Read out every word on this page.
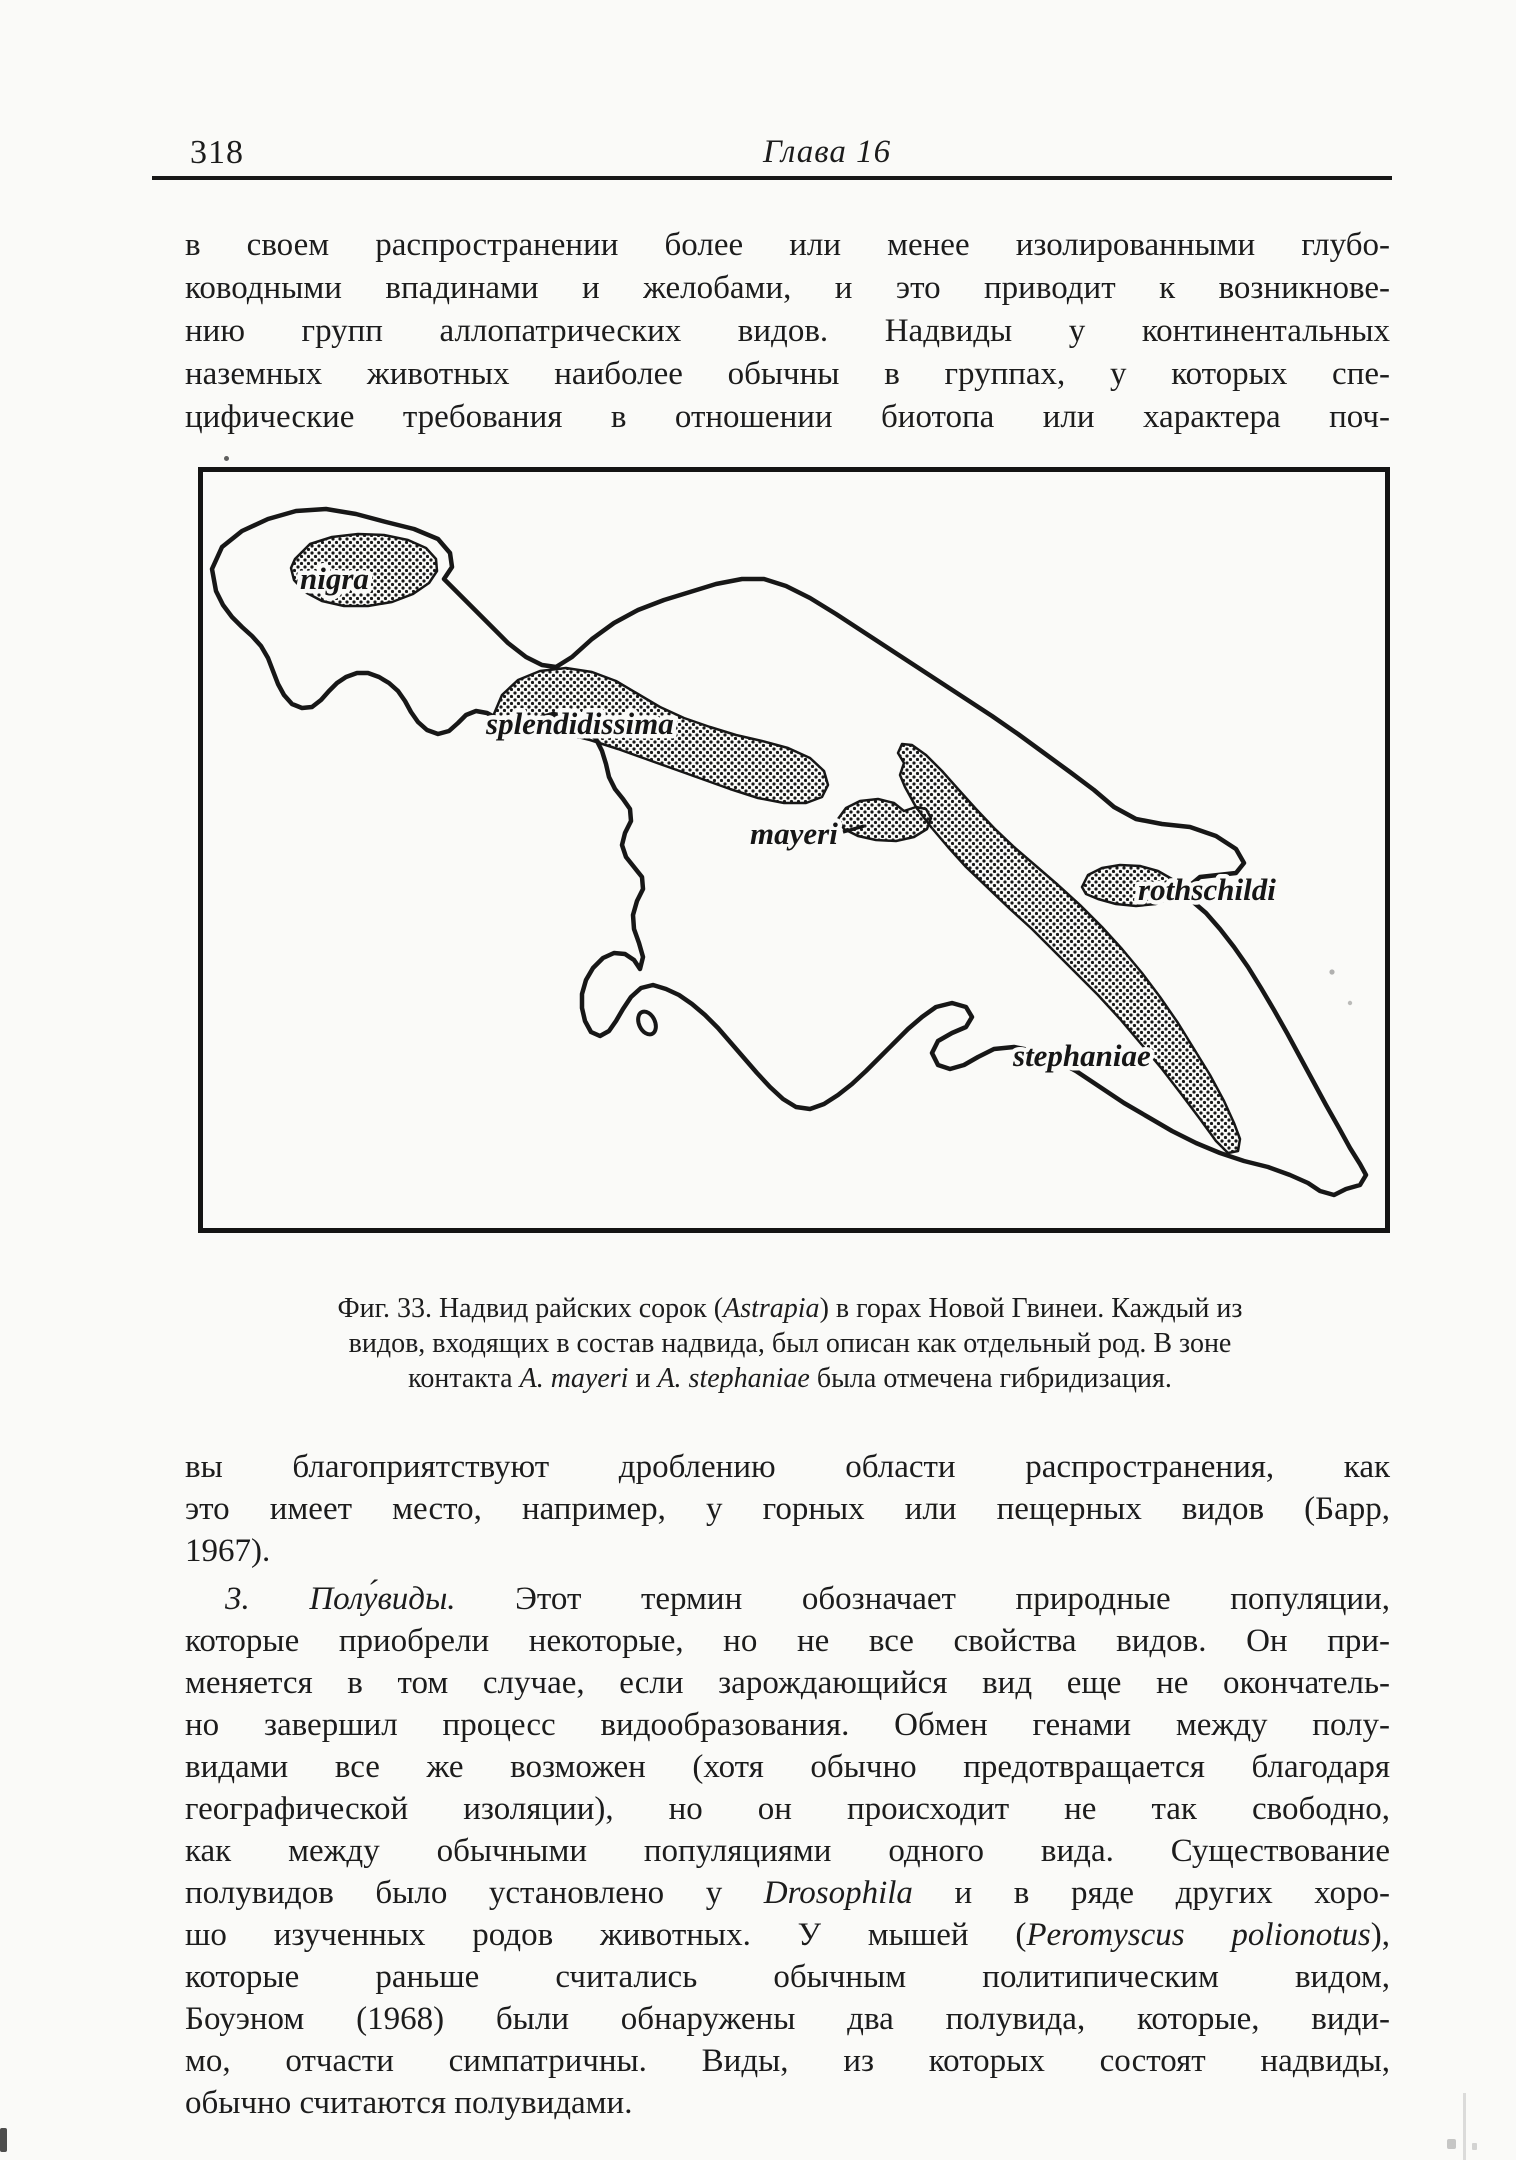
318	Глава 16
в своем распространении более или менее изолированными глубо-
ководными впадинами и желобами, и это приводит к возникнове-
нию групп аллопатрических видов. Надвиды у континентальных
наземных животных наиболее обычны в группах, у которых спе-
цифические требования в отношении биотопа или характера поч-
nigra
splendidissima
mayeri
rothschildi
stephaniae
Фиг. 33. Надвид райских сорок (Astrapia) в горах Новой Гвинеи. Каждый из
видов, входящих в состав надвида, был описан как отдельный род. В зоне
контакта A. mayeri и A. stephaniae была отмечена гибридизация.
вы благоприятствуют дроблению области распространения, как
это имеет место, например, у горных или пещерных видов (Барр,
1967).
3. Полу́виды. Этот термин обозначает природные популяции,
которые приобрели некоторые, но не все свойства видов. Он при-
меняется в том случае, если зарождающийся вид еще не окончатель-
но завершил процесс видообразования. Обмен генами между полу-
видами все же возможен (хотя обычно предотвращается благодаря
географической изоляции), но он происходит не так свободно,
как между обычными популяциями одного вида. Существование
полувидов было установлено у Drosophila и в ряде других хоро-
шо изученных родов животных. У мышей (Peromyscus polionotus),
которые раньше считались обычным политипическим видом,
Боуэном (1968) были обнаружены два полувида, которые, види-
мо, отчасти симпатричны. Виды, из которых состоят надвиды,
обычно считаются полувидами.
